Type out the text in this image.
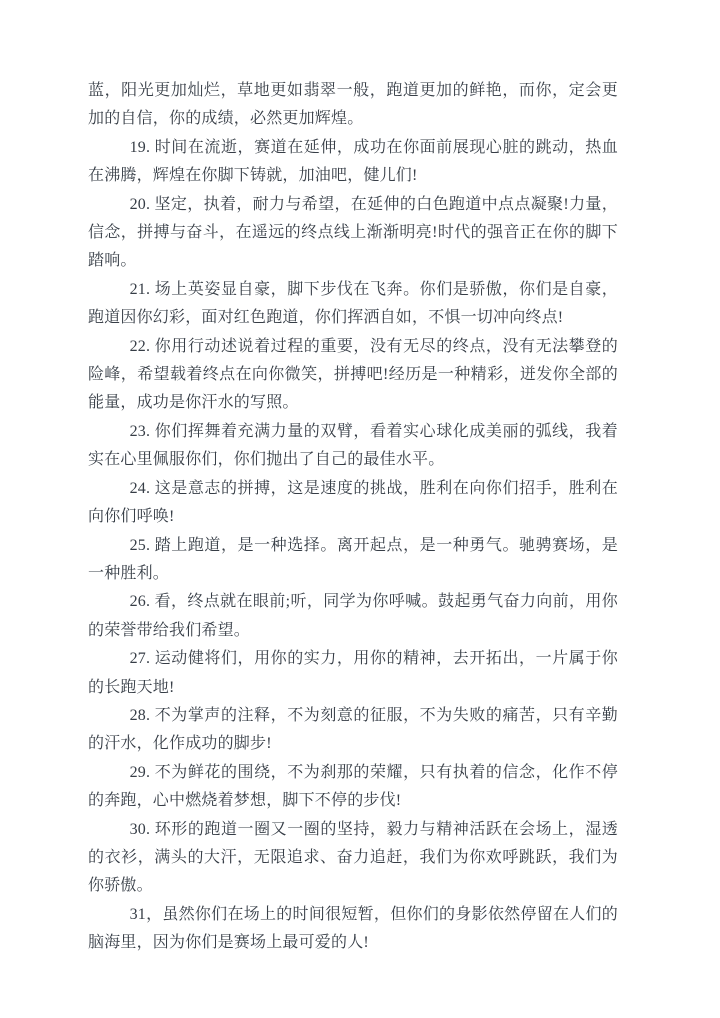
蓝，阳光更加灿烂，草地更如翡翠一般，跑道更加的鲜艳，而你，定会更加的自信，你的成绩，必然更加辉煌。

19. 时间在流逝，赛道在延伸，成功在你面前展现心脏的跳动，热血在沸腾，辉煌在你脚下铸就，加油吧，健儿们!

20. 坚定，执着，耐力与希望，在延伸的白色跑道中点点凝聚!力量，信念，拼搏与奋斗，在遥远的终点线上渐渐明亮!时代的强音正在你的脚下踏响。

21. 场上英姿显自豪，脚下步伐在飞奔。你们是骄傲，你们是自豪，跑道因你幻彩，面对红色跑道，你们挥洒自如，不惧一切冲向终点!

22. 你用行动述说着过程的重要，没有无尽的终点，没有无法攀登的险峰，希望载着终点在向你微笑，拼搏吧!经历是一种精彩，迸发你全部的能量，成功是你汗水的写照。

23. 你们挥舞着充满力量的双臂，看着实心球化成美丽的弧线，我着实在心里佩服你们，你们抛出了自己的最佳水平。

24. 这是意志的拼搏，这是速度的挑战，胜利在向你们招手，胜利在向你们呼唤!

25. 踏上跑道，是一种选择。离开起点，是一种勇气。驰骋赛场，是一种胜利。

26. 看，终点就在眼前;听，同学为你呼喊。鼓起勇气奋力向前，用你的荣誉带给我们希望。

27. 运动健将们，用你的实力，用你的精神，去开拓出，一片属于你的长跑天地!

28. 不为掌声的注释，不为刻意的征服，不为失败的痛苦，只有辛勤的汗水，化作成功的脚步!

29. 不为鲜花的围绕，不为刹那的荣耀，只有执着的信念，化作不停的奔跑，心中燃烧着梦想，脚下不停的步伐!

30. 环形的跑道一圈又一圈的坚持，毅力与精神活跃在会场上，湿透的衣衫，满头的大汗，无限追求、奋力追赶，我们为你欢呼跳跃，我们为你骄傲。

31，虽然你们在场上的时间很短暂，但你们的身影依然停留在人们的脑海里，因为你们是赛场上最可爱的人!
